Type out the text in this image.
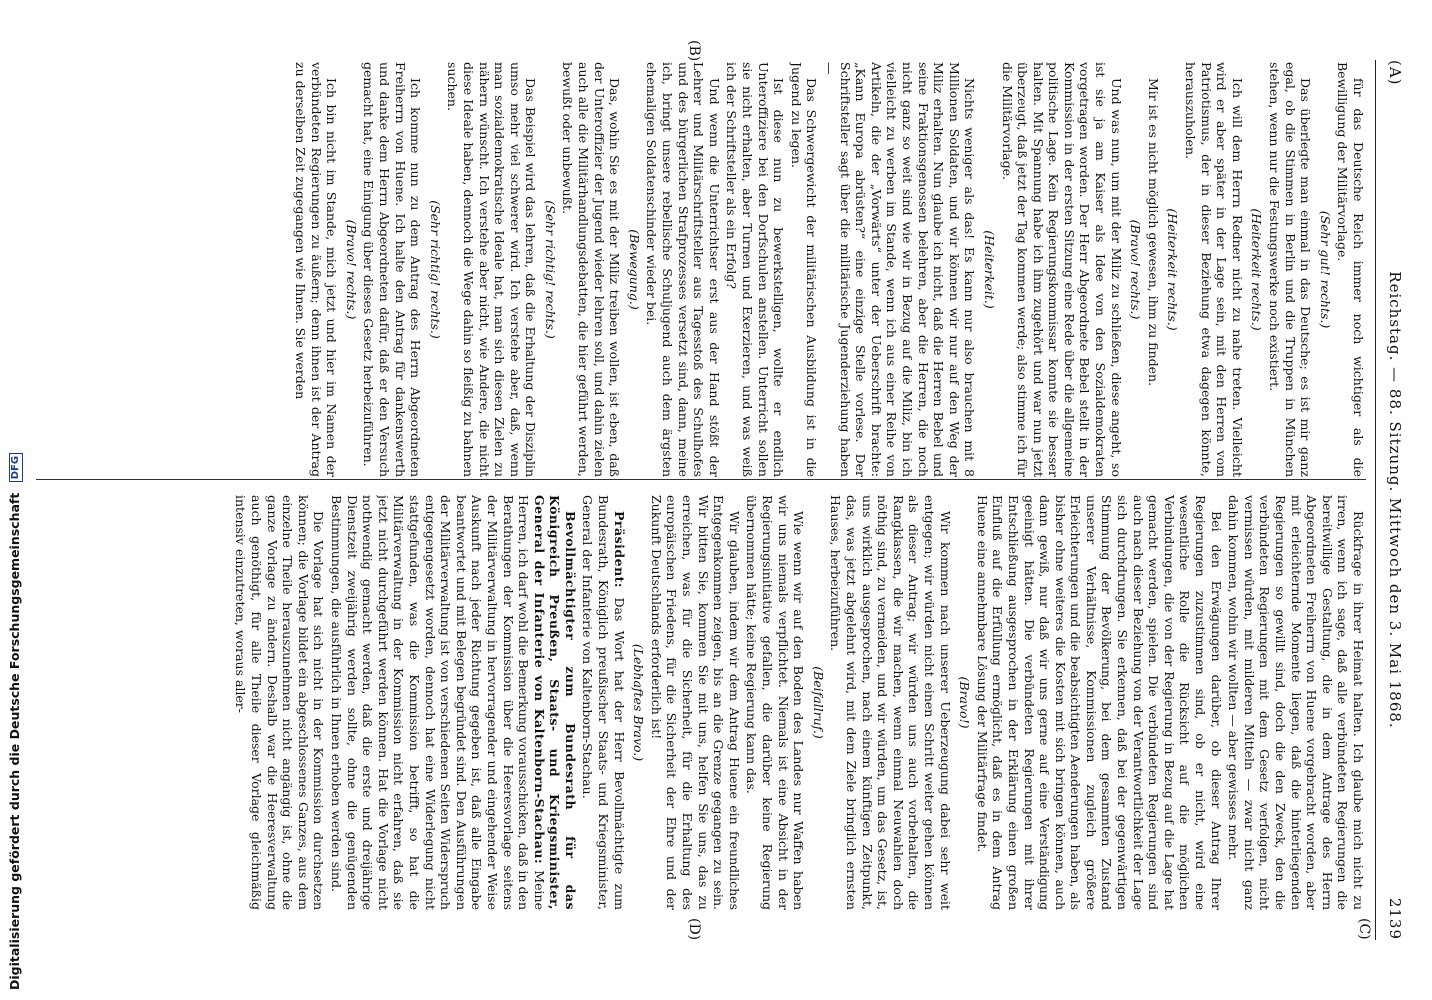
(A)
Reichstag. — 88. Sitzung. Mittwoch den 3. Mai 1868.
2139

für das Deutsche Reich immer noch wichtiger als die Bewilligung der Militärvorlage.

(Sehr gut! rechts.)

Das überlegte man einmal in das Deutsche; es ist mir ganz egal, ob die Stimmen in Berlin und die Truppen in München stehen, wenn nur die Festungswerke noch existiert.

(Heiterkeit rechts.)

Ich will dem Herrn Redner nicht zu nahe treten. Vielleicht wird er aber später in der Lage sein, mit den Herren vom Patriotismus, der in dieser Beziehung etwa dagegen könnte, herauszuholen.

(Heiterkeit rechts.)

Mir ist es nicht möglich gewesen, ihm zu finden.

(Bravo! rechts.)

Und was nun, um mit der Miliz zu schließen, diese angeht, so ist sie ja am Kaiser als Idee von den Sozialdemokraten vorgetragen worden. Der Herr Abgeordnete Bebel stellt in der Kommission in der ersten Sitzung eine Rede über die allgemeine politische Lage. Kein Regierungskommissar konnte sie besser halten. Mit Spannung habe ich ihm zugehört und war nun jetzt überzeugt, daß jetzt der Tag kommen werde; also stimme ich für die Militärvorlage.

(Heiterkeit.)

Nichts weniger als das! Es kann nur also brauchen mit 8 Millionen Soldaten, und wir können wir nur auf den Weg der Miliz erhalten. Nun glaube ich nicht, daß die Herren Bebel und seine Fraktionsgenossen belehren, aber die Herren, die noch nicht ganz so weit sind wie wir in Bezug auf die Miliz, bin ich vielleicht zu werben im Stande, wenn ich aus einer Reihe von Artikeln, die der „Vorwärts“ unter der Ueberschrift brachte: „Kann Europa abrüsten?“ eine einzige Stelle vorlese. Der Schriftsteller sagt über die militärische Jugenderziehung haben —

Das Schwergewicht der militärischen Ausbildung ist in die Jugend zu legen.

Ist diese nun zu bewerkstelligen, wollte er endlich Unteroffiziere bei den Dorfschulen anstellen. Unterricht sollen sie nicht erhalten, aber Turnen und Exerzieren, und was weiß ich der Schriftsteller als ein Erfolg?

Und wenn die Unterrichtser erst aus der Hand stößt der Lehrer und Militärschriftsteller aus Tagesstoß des Schulhofes und des bürgerlichen Strafprozesses versetzt sind, dann, meine ich, bringt unsere rebellische Schuljugend auch dem ärgsten ehemaligen Soldatenschinder wieder bei.

(Bewegung.)

Das, wohin Sie es mit der Miliz treiben wollen, ist eben, daß der Unteroffizier der Jugend wieder lehren soll, und dahin zielen auch alle die Militärhandlungsdebatten, die hier geführt werden, bewußt oder unbewußt.

(Sehr richtig! rechts.)

Das Beispiel wird das lehren, daß die Erhaltung der Disziplin umso mehr viel schwerer wird. Ich verstehe aber, daß, wenn man sozialdemokratische Ideale hat, man sich diesen Zielen zu nähern wünscht. Ich verstehe aber nicht, wie Andere, die nicht diese Ideale haben, dennoch die Wege dahin so fleißig zu bahnen suchen.

(Sehr richtig! rechts.)

Ich komme nun zu dem Antrag des Herrn Abgeordneten Freiherrn von Huene. Ich halte den Antrag für dankenswerth und danke dem Herrn Abgeordneten dafür, daß er den Versuch gemacht hat, eine Einigung über dieses Gesetz herbeizuführen.

(Bravo! rechts.)

Ich bin nicht im Stande, mich jetzt und hier im Namen der verbündeten Regierungen zu äußern; denn ihnen ist der Antrag zu derselben Zeit zugegangen wie Ihnen. Sie werden

Rückfrage in ihrer Heimat halten. Ich glaube mich nicht zu irren, wenn ich sage, daß alle verbündeten Regierungen die bereitwillige Gestaltung, die in dem Antrage des Herrn Abgeordneten Freiherrn von Huene vorgebracht worden, aber mit erleichternde Momente liegen, daß die hinterliegenden Regierungen so gewillt sind, doch die den Zweck, den die verbündeten Regierungen mit dem Gesetz verfolgen, nicht vermissen würden, mit milderen Mitteln — zwar nicht ganz dahin kommen, wohin wir wollten — aber gewisses mehr.

Bei den Erwägungen darüber, ob dieser Antrag Ihrer Regierungen zuzustimmen sind, ob er nicht, wird eine wesentliche Rolle die Rücksicht auf die möglichen Verbindungen, die von der Regierung in Bezug auf die Lage hat gemacht werden, spielen. Die verbündeten Regierungen sind auch nach dieser Beziehung von der Verantwortlichkeit der Lage sich durchdrungen. Sie erkennen, daß bei der gegenwärtigen Stimmung der Bevölkerung, bei dem gesammten Zustand unserer Verhältnisse, Kommissionen zugleich größere Erleichterungen und die beabsichtigten Aenderungen haben, als bisher ohne weiteres die Kosten mit sich bringen können, auch dann gewiß, nur daß wir uns gerne auf eine Verständigung geeinigt hätten. Die verbündeten Regierungen mit ihrer Entschließung ausgesprochen in der Erklärung einen großen Einfluß auf die Erfüllung ermöglicht, daß es in dem Antrag Huene eine annehmbare Lösung der Militärfrage findet.

(Bravo!)

Wir kommen nach unserer Ueberzeugung dabei sehr weit entgegen; wir würden nicht einen Schritt weiter gehen können als dieser Antrag; wir würden uns auch vorbehalten, die Rangklassen, die wir machen, wenn einmal Neuwahlen doch nöthig sind, zu vermeiden, und wir würden, um das Gesetz, ist, uns wirklich ausgesprochen, nach einem künftigen Zeitpunkt, das, was jetzt abgelehnt wird, mit dem Ziele bringlich ernsten Hauses, herbeizuführen.

(Beifallruf.)

Wie wenn wir auf den Boden des Landes nur Waffen haben wir uns niemals verpflichtet. Niemals ist eine Absicht in der Regierungsinitiative gefallen, die darüber keine Regierung übernommen hätte; keine Regierung kann das.

Wir glauben, indem wir dem Antrag Huene ein freundliches Entgegenkommen zeigen, bis an die Grenze gegangen zu sein. Wir bitten Sie, kommen Sie mit uns, helfen Sie uns, das zu erreichen, was für die Sicherheit, für die Erhaltung des europäischen Friedens, für die Sicherheit der Ehre und der Zukunft Deutschlands erforderlich ist!

(Lebhaftes Bravo.)

Präsident: Das Wort hat der Herr Bevollmächtigte zum Bundesrath, Königlich preußischer Staats- und Kriegsminister, General der Infanterie von Kaltenborn-Stachau.

Bevollmächtigter zum Bundesrath für das Königreich Preußen, Staats- und Kriegsminister, General der Infanterie von Kaltenborn-Stachau: Meine Herren, ich darf wohl die Bemerkung vorausschicken, daß in den Berathungen der Kommission über die Heeresvorlage seitens der Militärverwaltung in hervorragender und eingehender Weise Auskunft nach jeder Richtung gegeben ist, daß alle Eingabe beantwortet und mit Belegen begründet sind. Den Ausführungen der Militärverwaltung ist von verschiedenen Seiten Widerspruch entgegengesetzt worden, dennoch hat eine Widerlegung nicht stattgefunden, was die Kommission betrifft, so hat die Militärverwaltung in der Kommission nicht erfahren, daß sie jetzt nicht durchgeführt werden können. Hat die Vorlage nicht nothwendig gemacht werden, daß die erste und dreijährige Dienstzeit zweijährig werden sollte, ohne die genügenden Bestimmungen, die ausführlich in Ihnen erhoben werden sind.

Die Vorlage hat sich nicht in der Kommission durchsetzen können; die Vorlage bildet ein abgeschlossenes Ganzes, aus dem einzelne Theile herauszunehmen nicht angängig ist, ohne die ganze Vorlage zu ändern. Deshalb war die Heeresverwaltung auch genöthigt, für alle Theile dieser Vorlage gleichmäßig intensiv einzutreten, woraus aller-

(B)
(C)
(D)
Digitalisierung gefördert durch die Deutsche Forschungsgemeinschaft DFG
